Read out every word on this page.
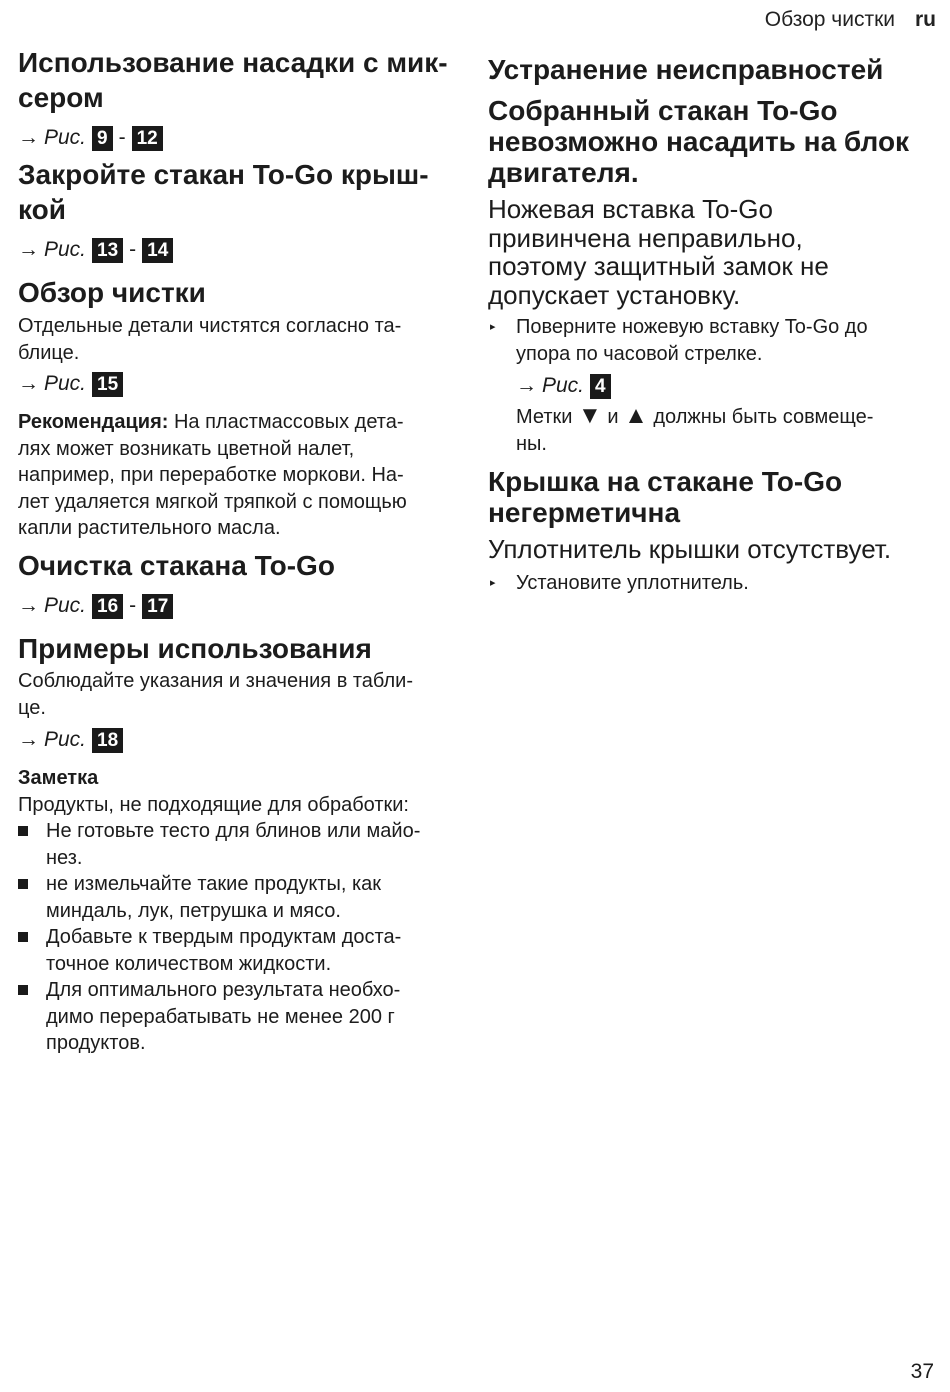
Обзор чистки ru
Использование насадки с мик-
сером
→ Рис. 9 - 12
Закройте стакан To-Go крыш-
кой
→ Рис. 13 - 14
Обзор чистки

Отдельные детали чистятся согласно та-
блице.

→ Рис. 15

Рекомендация: На пластмассовых дета-
лях может возникать цветной налет,
например, при переработке моркови. На-
лет удаляется мягкой тряпкой с помощью
капли растительного масла.

Очистка стакана To-Go
→ Рис. 16 - 17
Примеры использования

Соблюдайте указания и значения в табли-
це.

→ Рис. 18
Заметка

Продукты, не подходящие для обработки:

Не готовьте тесто для блинов или майо-
нез.
не измельчайте такие продукты, как
миндаль, лук, петрушка и мясо.
Добавьте к твердым продуктам доста-
точное количеством жидкости.
Для оптимального результата необхо-
димо перерабатывать не менее 200 г
продуктов.
Устранение неисправностей
Собранный стакан To-Go
невозможно насадить на блок
двигателя.

Ножевая вставка To-Go
привинчена неправильно,
поэтому защитный замок не
допускает установку.

▸ Поверните ножевую вставку To-Go до
упора по часовой стрелке.
→ Рис. 4

Метки ▼ и ▲ должны быть совмеще-
ны.

Крышка на стакане To-Go
негерметична

Уплотнитель крышки отсутствует.

▸ Установите уплотнитель.
37
